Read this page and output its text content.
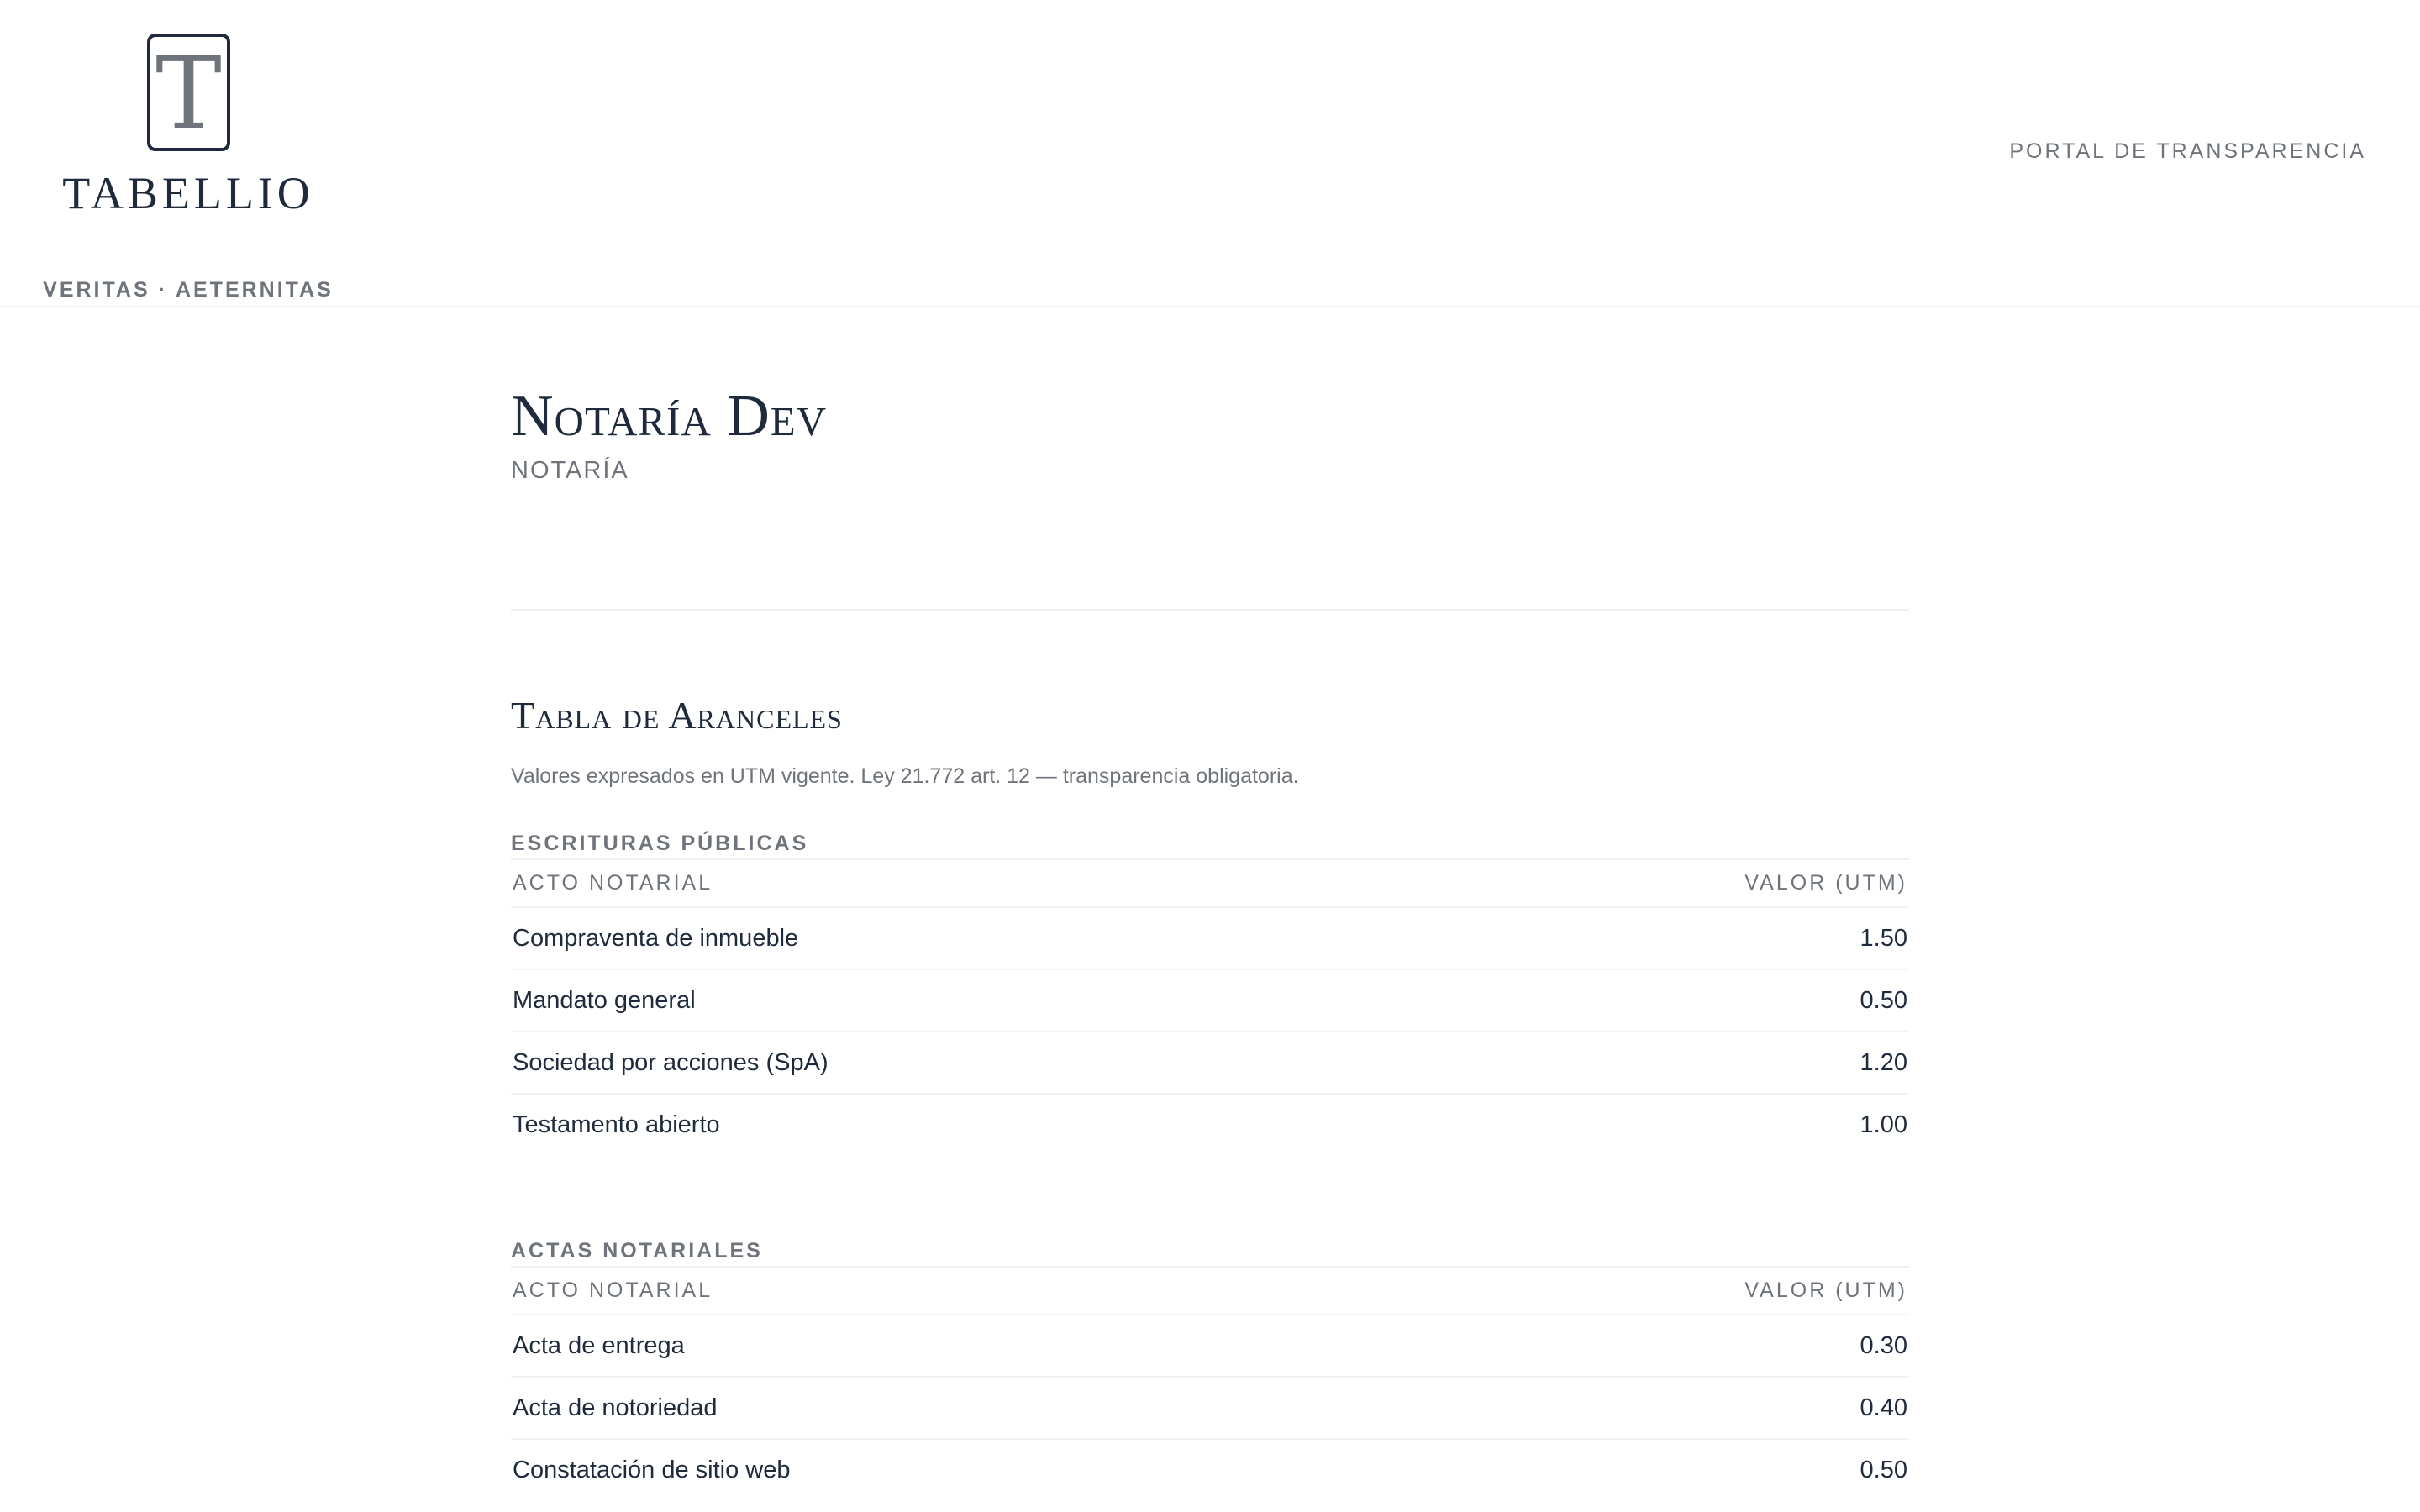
T
TABELLIO
VERITAS · AETERNITAS
PORTAL DE TRANSPARENCIA
Notaría Dev
NOTARÍA
Tabla de Aranceles
Valores expresados en UTM vigente. Ley 21.772 art. 12 — transparencia obligatoria.
ESCRITURAS PÚBLICAS
ACTO NOTARIAL	VALOR (UTM)
Compraventa de inmueble	1.50
Mandato general	0.50
Sociedad por acciones (SpA)	1.20
Testamento abierto	1.00
ACTAS NOTARIALES
ACTO NOTARIAL	VALOR (UTM)
Acta de entrega	0.30
Acta de notoriedad	0.40
Constatación de sitio web	0.50
